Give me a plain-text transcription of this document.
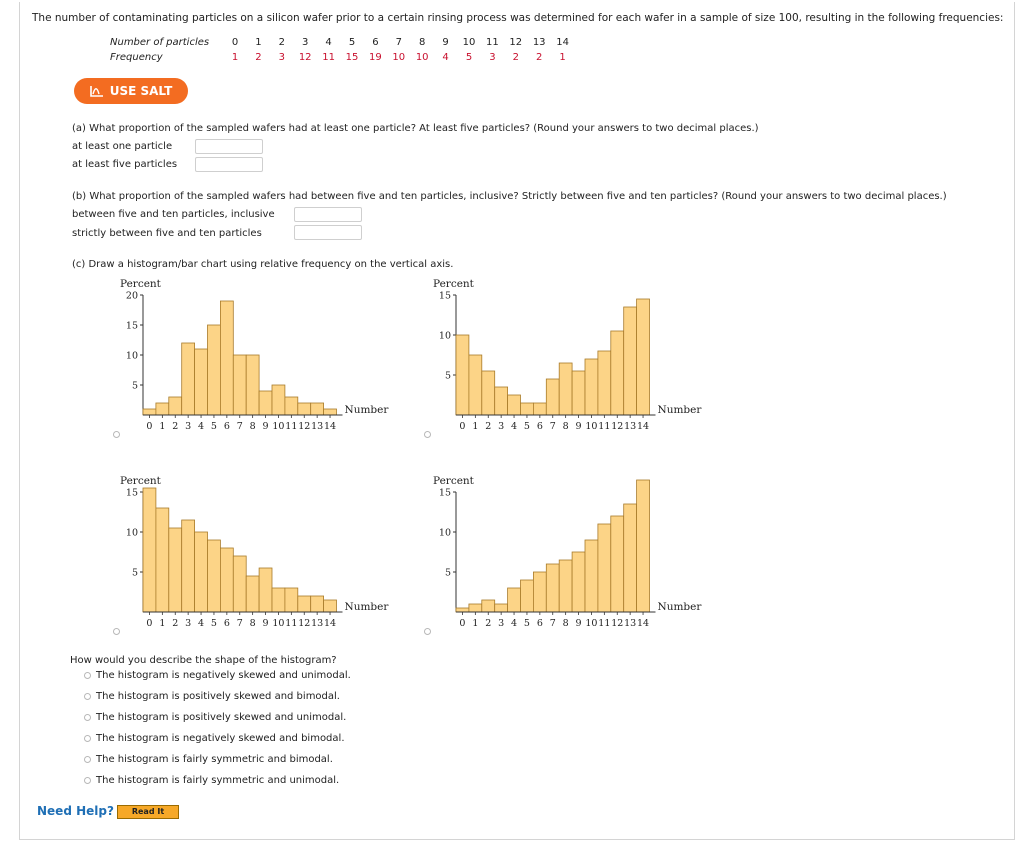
The number of contaminating particles on a silicon wafer prior to a certain rinsing process was determined for each wafer in a sample of size 100, resulting in the following frequencies:
Number of particles
Frequency
0
1
1
2
2
3
3
12
4
11
5
15
6
19
7
10
8
10
9
4
10
5
11
3
12
2
13
2
14
1
USE SALT
(a) What proportion of the sampled wafers had at least one particle? At least five particles? (Round your answers to two decimal places.)
at least one particle
at least five particles
(b) What proportion of the sampled wafers had between five and ten particles, inclusive? Strictly between five and ten particles? (Round your answers to two decimal places.)
between five and ten particles, inclusive
strictly between five and ten particles
(c) Draw a histogram/bar chart using relative frequency on the vertical axis.
Percent
5
10
15
20
0 1 2 3 4 5 6 7 8 9 10 11 12 13 14
Number
Percent
5
10
15
0 1 2 3 4 5 6 7 8 9 10 11 12 13 14
Number
Percent
5
10
15
0 1 2 3 4 5 6 7 8 9 10 11 12 13 14
Number
Percent
5
10
15
0 1 2 3 4 5 6 7 8 9 10 11 12 13 14
Number
How would you describe the shape of the histogram?
The histogram is negatively skewed and unimodal.
The histogram is positively skewed and bimodal.
The histogram is positively skewed and unimodal.
The histogram is negatively skewed and bimodal.
The histogram is fairly symmetric and bimodal.
The histogram is fairly symmetric and unimodal.
Need Help?	Read It
